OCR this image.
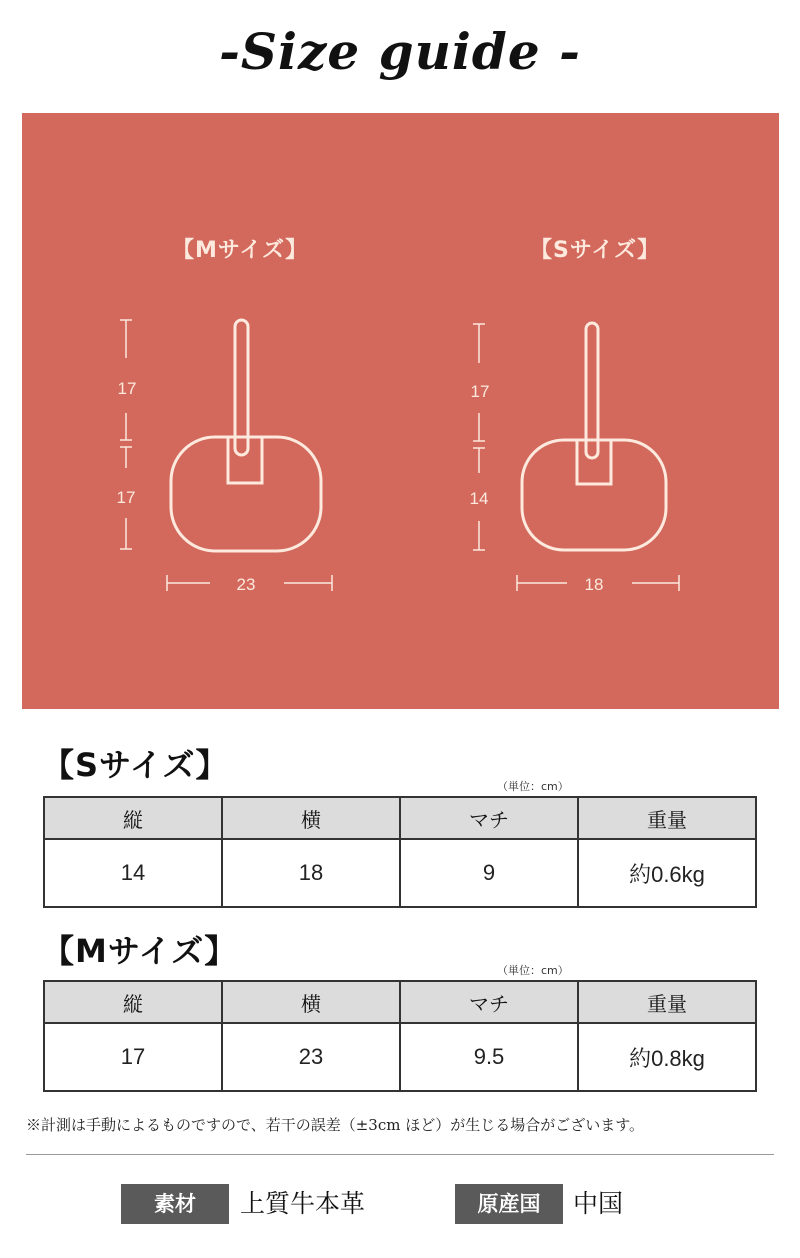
-Size guide -
17
17
23
17
14
18
【Mサイズ】	【Sサイズ】
【Sサイズ】
（単位：cm）
縦	横	マチ	重量
14	18	9	約0.6kg
【Mサイズ】
（単位：cm）
縦	横	マチ	重量
17	23	9.5	約0.8kg
※計測は手動によるものですので、若干の誤差（±3cm ほど）が生じる場合がございます。
素材	上質牛本革	原産国	中国
